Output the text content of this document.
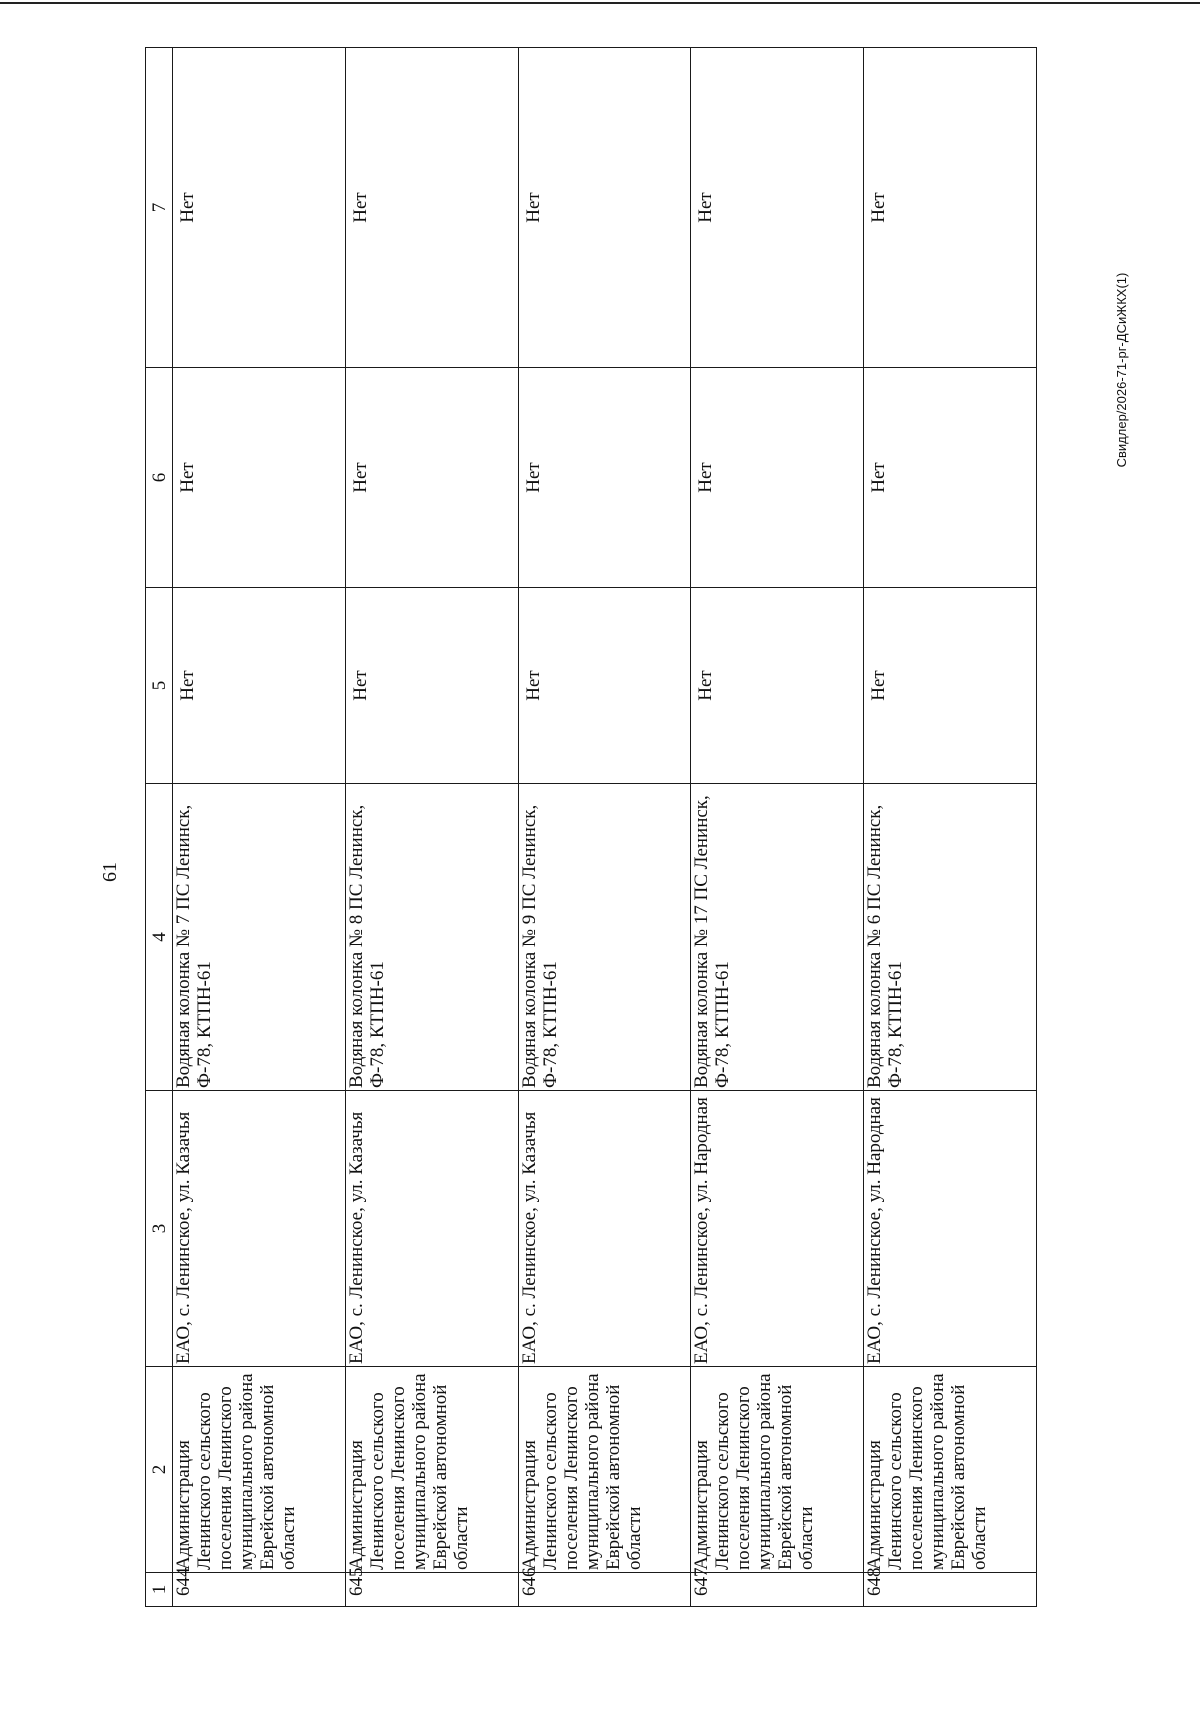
61
Свидлер/2026-71-рг-ДСиЖКХ(1)
1	2	3	4	5	6	7
644	Администрация Ленинского сельского поселения Ленинского муниципального района Еврейской автономной области	ЕАО, с. Ленинское, ул. Казачья	Водяная колонка № 7 ПС Ленинск, Ф-78, КТПН-61	Нет	Нет	Нет
645	Администрация Ленинского сельского поселения Ленинского муниципального района Еврейской автономной области	ЕАО, с. Ленинское, ул. Казачья	Водяная колонка № 8 ПС Ленинск, Ф-78, КТПН-61	Нет	Нет	Нет
646	Администрация Ленинского сельского поселения Ленинского муниципального района Еврейской автономной области	ЕАО, с. Ленинское, ул. Казачья	Водяная колонка № 9 ПС Ленинск, Ф-78, КТПН-61	Нет	Нет	Нет
647	Администрация Ленинского сельского поселения Ленинского муниципального района Еврейской автономной области	ЕАО, с. Ленинское, ул. Народная	Водяная колонка № 17 ПС Ленинск, Ф-78, КТПН-61	Нет	Нет	Нет
648	Администрация Ленинского сельского поселения Ленинского муниципального района Еврейской автономной области	ЕАО, с. Ленинское, ул. Народная	Водяная колонка № 6 ПС Ленинск, Ф-78, КТПН-61	Нет	Нет	Нет
